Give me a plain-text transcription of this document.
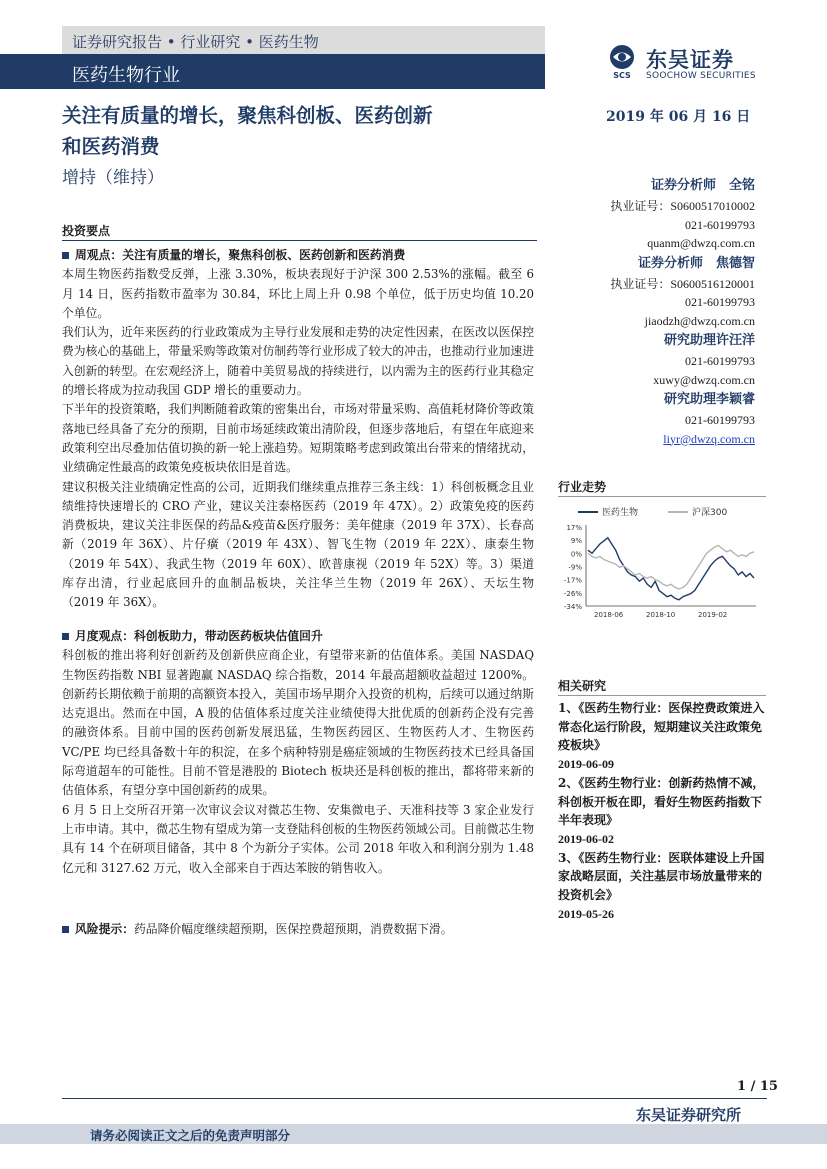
证券研究报告 • 行业研究 • 医药生物
医药生物行业	SCS
东吴证券
SOOCHOW SECURITIES
关注有质量的增长，聚焦科创板、医药创新
和医药消费
2019 年 06 月 16 日
增持（维持）	证券分析师　全铭
执业证号：S0600517010002
021-60199793
quanm@dwzq.com.cn
证券分析师　焦德智
执业证号：S0600516120001
021-60199793
jiaodzh@dwzq.com.cn
研究助理许汪洋
021-60199793
xuwy@dwzq.com.cn
研究助理李颖睿
021-60199793
liyr@dwzq.com.cn
投资要点
周观点：关注有质量的增长，聚焦科创板、医药创新和医药消费

本周生物医药指数受反弹，上涨 3.30%，板块表现好于沪深 300 2.53%的涨幅。截至 6 月 14 日，医药指数市盈率为 30.84，环比上周上升 0.98 个单位，低于历史均值 10.20 个单位。

我们认为，近年来医药的行业政策成为主导行业发展和走势的决定性因素，在医改以医保控费为核心的基础上，带量采购等政策对仿制药等行业形成了较大的冲击，也推动行业加速进入创新的转型。在宏观经济上，随着中美贸易战的持续进行，以内需为主的医药行业其稳定的增长将成为拉动我国 GDP 增长的重要动力。

下半年的投资策略，我们判断随着政策的密集出台，市场对带量采购、高值耗材降价等政策落地已经具备了充分的预期，目前市场延续政策出清阶段，但逐步落地后，有望在年底迎来政策利空出尽叠加估值切换的新一轮上涨趋势。短期策略考虑到政策出台带来的情绪扰动，业绩确定性最高的政策免疫板块依旧是首选。

建议积极关注业绩确定性高的公司，近期我们继续重点推荐三条主线：1）科创板概念且业绩维持快速增长的 CRO 产业，建议关注泰格医药（2019 年 47X）。2）政策免疫的医药消费板块，建议关注非医保的药品&疫苗&医疗服务：美年健康（2019 年 37X）、长春高新（2019 年 36X）、片仔癀（2019 年 43X）、智飞生物（2019 年 22X）、康泰生物（2019 年 54X）、我武生物（2019 年 60X）、欧普康视（2019 年 52X）等。3）渠道库存出清，行业起底回升的血制品板块，关注华兰生物（2019 年 26X）、天坛生物（2019 年 36X）。

月度观点：科创板助力，带动医药板块估值回升

科创板的推出将利好创新药及创新供应商企业，有望带来新的估值体系。美国 NASDAQ 生物医药指数 NBI 显著跑赢 NASDAQ 综合指数，2014 年最高超额收益超过 1200%。创新药长期依赖于前期的高额资本投入，美国市场早期介入投资的机构，后续可以通过纳斯达克退出。然而在中国，A 股的估值体系过度关注业绩使得大批优质的创新药企没有完善的融资体系。目前中国的医药创新发展迅猛，生物医药园区、生物医药人才、生物医药 VC/PE 均已经具备数十年的积淀，在多个病种特别是癌症领域的生物医药技术已经具备国际弯道超车的可能性。目前不管是港股的 Biotech 板块还是科创板的推出，都将带来新的估值体系，有望分享中国创新药的成果。

6 月 5 日上交所召开第一次审议会议对微芯生物、安集微电子、天准科技等 3 家企业发行上市申请。其中，微芯生物有望成为第一支登陆科创板的生物医药领域公司。目前微芯生物具有 14 个在研项目储备，其中 8 个为新分子实体。公司 2018 年收入和利润分别为 1.48 亿元和 3127.62 万元，收入全部来自于西达苯胺的销售收入。

风险提示：药品降价幅度继续超预期，医保控费超预期，消费数据下滑。
行业走势
医药生物	沪深300
17%
9%
0%
-9%
-17%
-26%
-34%
2018-06	2018-10	2019-02
相关研究
1、《医药生物行业：医保控费政策进入常态化运行阶段，短期建议关注政策免疫板块》
2019-06-09
2、《医药生物行业：创新药热情不减，科创板开板在即，看好生物医药指数下半年表现》
2019-06-02
3、《医药生物行业：医联体建设上升国家战略层面，关注基层市场放量带来的投资机会》
2019-05-26
1 / 15
东吴证券研究所
请务必阅读正文之后的免责声明部分
